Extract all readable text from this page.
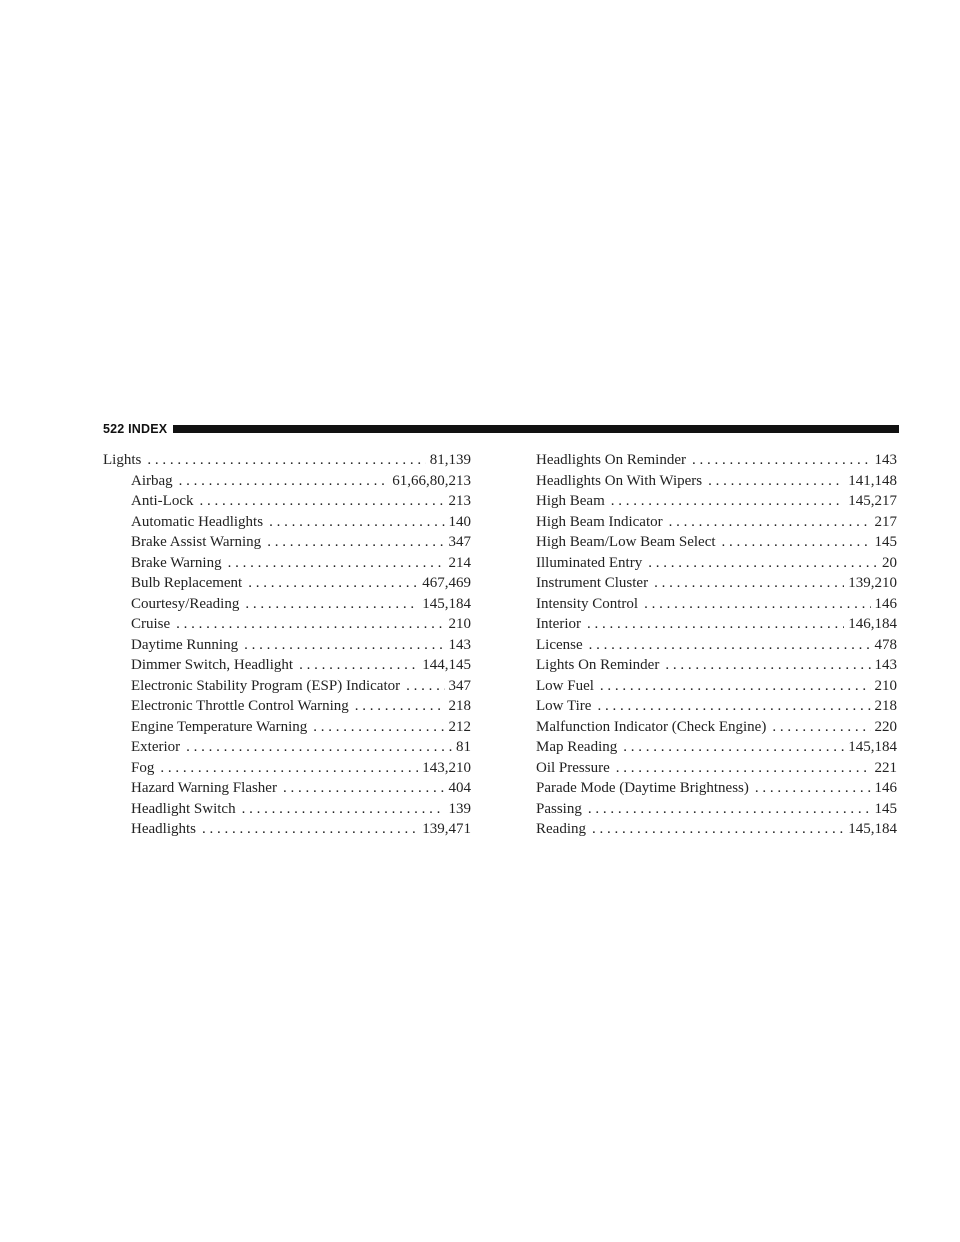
522 INDEX
Lights . . .	81,139
Airbag . . .	61,66,80,213
Anti-Lock . . .	213
Automatic Headlights . . .	140
Brake Assist Warning . . .	347
Brake Warning . . .	214
Bulb Replacement . . .	467,469
Courtesy/Reading . . .	145,184
Cruise . . .	210
Daytime Running . . .	143
Dimmer Switch, Headlight . . .	144,145
Electronic Stability Program (ESP) Indicator . . .	347
Electronic Throttle Control Warning . . .	218
Engine Temperature Warning . . .	212
Exterior . . .	81
Fog . . .	143,210
Hazard Warning Flasher . . .	404
Headlight Switch . . .	139
Headlights . . .	139,471
Headlights On Reminder . . .	143
Headlights On With Wipers . . .	141,148
High Beam . . .	145,217
High Beam Indicator . . .	217
High Beam/Low Beam Select . . .	145
Illuminated Entry . . .	20
Instrument Cluster . . .	139,210
Intensity Control . . .	146
Interior . . .	146,184
License . . .	478
Lights On Reminder . . .	143
Low Fuel . . .	210
Low Tire . . .	218
Malfunction Indicator (Check Engine) . . .	220
Map Reading . . .	145,184
Oil Pressure . . .	221
Parade Mode (Daytime Brightness) . . .	146
Passing . . .	145
Reading . . .	145,184
